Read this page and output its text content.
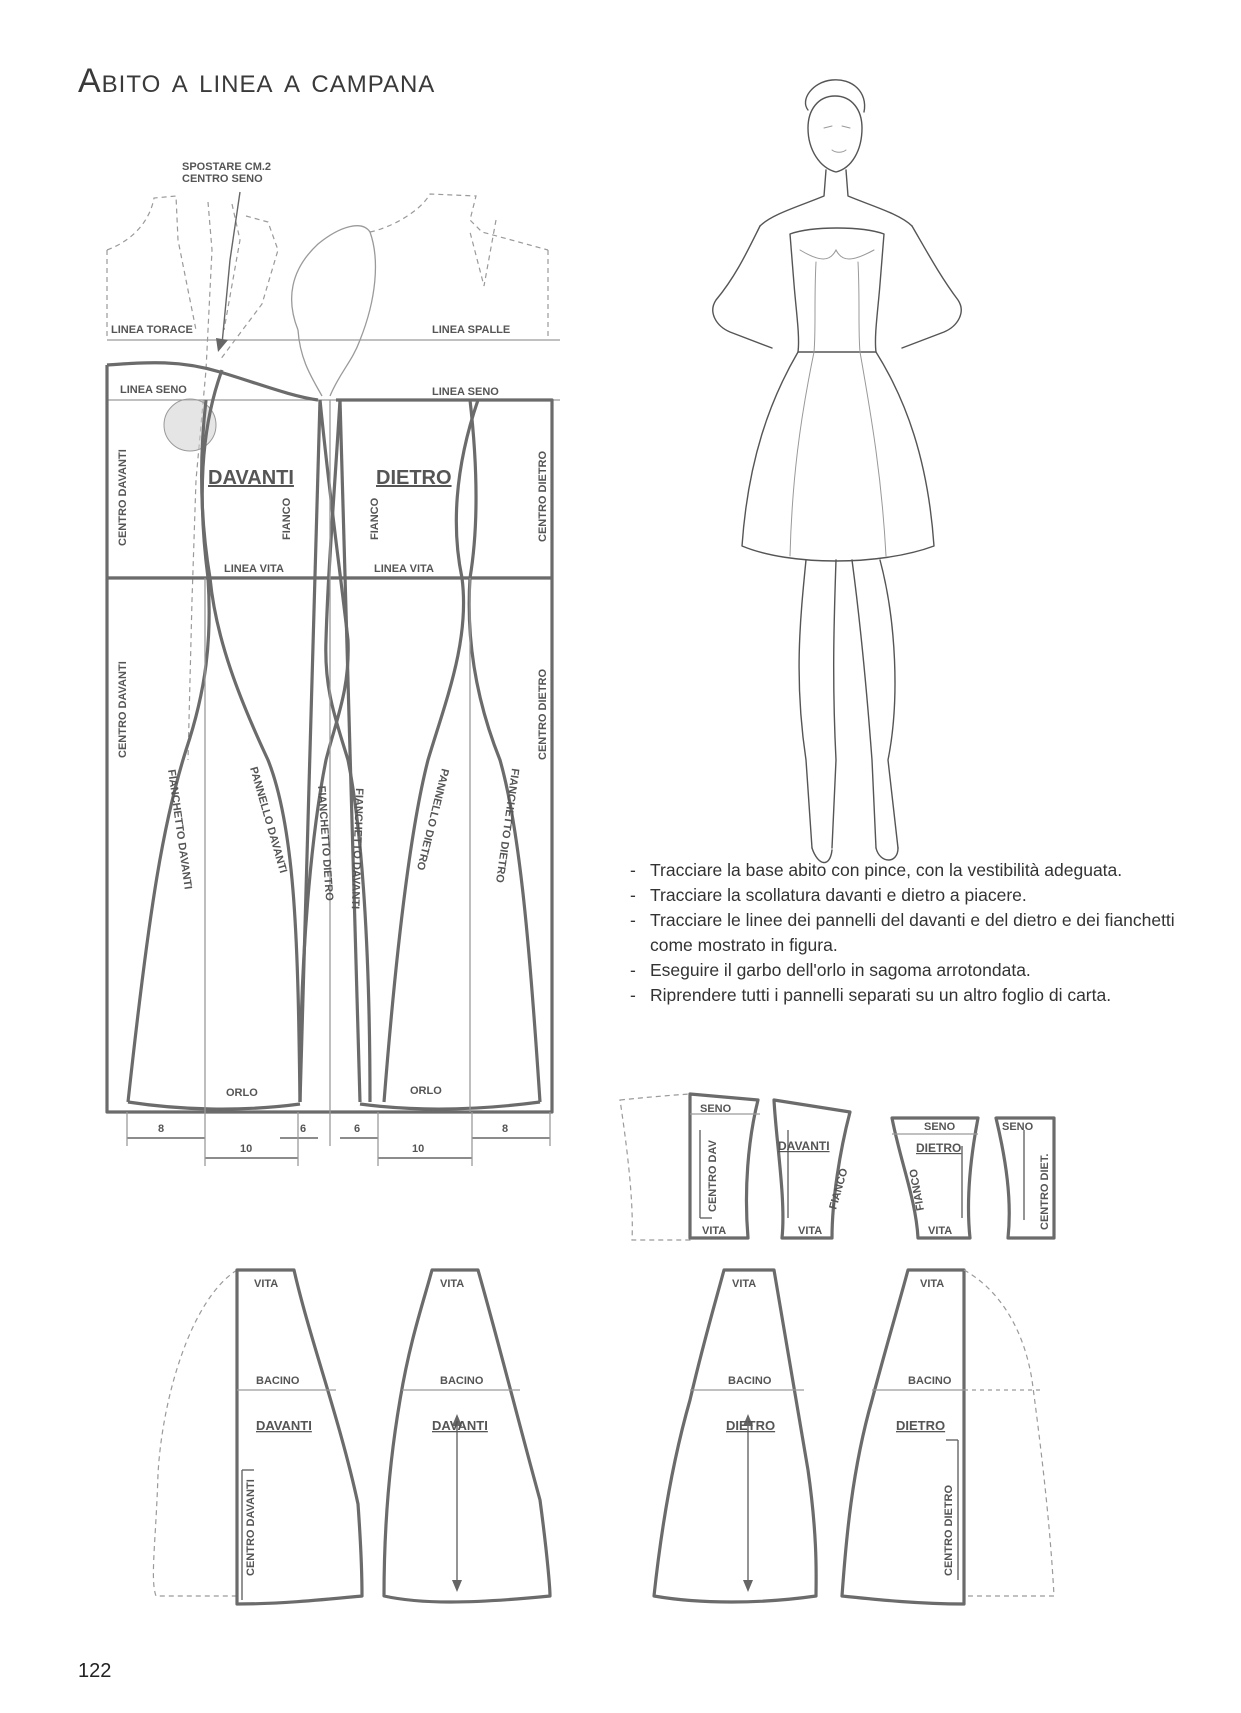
Abito a linea a campana
SPOSTARE CM.2
CENTRO SENO
LINEA TORACE	LINEA SPALLE
LINEA SENO	LINEA SENO
LINEA VITA	LINEA VITA
DAVANTI	DIETRO
FIANCO	FIANCO
CENTRO DAVANTI
CENTRO DAVANTI
CENTRO DIETRO
CENTRO DIETRO
FIANCHETTO DAVANTI	PANNELLO DAVANTI FIANCHETTO DIETRO FIANCHETTO DAVANTI	PANNELLO DIETRO	FIANCHETTO DIETRO
ORLO	ORLO
8
10
6	6
10
8
SENO
CENTRO DAV
VITA
DAVANTI
FIANCO
VITA
SENO
DIETRO
FIANCO
VITA
SENO
CENTRO DIET.
VITA
BACINO
DAVANTI
CENTRO DAVANTI
VITA
BACINO
DAVANTI
VITA
BACINO
DIETRO
VITA
BACINO
DIETRO
CENTRO DIETRO
- Tracciare la base abito con pince, con la vestibilità adeguata.
- Tracciare la scollatura davanti e dietro a piacere.
- Tracciare le linee dei pannelli del davanti e del dietro e dei fianchetti come mostrato in figura.
- Eseguire il garbo dell'orlo in sagoma arrotondata.
- Riprendere tutti i pannelli separati su un altro foglio di carta.
122
